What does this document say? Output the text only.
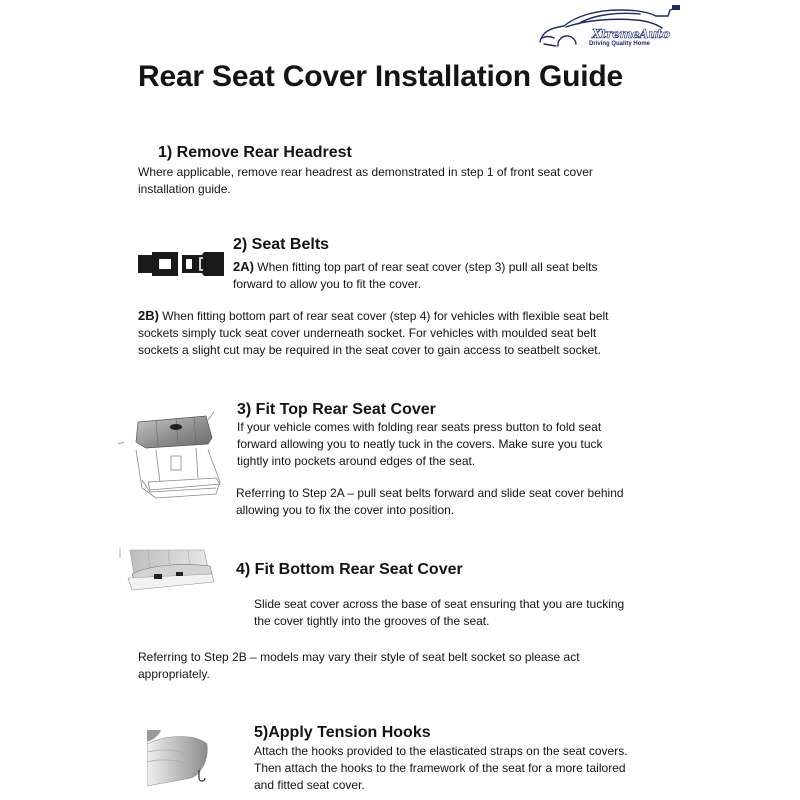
XtremeAuto
Driving Quality Home
Rear Seat Cover Installation Guide
1) Remove Rear Headrest
Where applicable, remove rear headrest as demonstrated in step 1 of front seat cover installation guide.
2) Seat Belts
2A) When fitting top part of rear seat cover (step 3) pull all seat belts forward to allow you to fit the cover.
2B) When fitting bottom part of rear seat cover (step 4) for vehicles with flexible seat belt sockets simply tuck seat cover underneath socket. For vehicles with moulded seat belt sockets a slight cut may be required in the seat cover to gain access to seatbelt socket.
3) Fit Top Rear Seat Cover
If your vehicle comes with folding rear seats press button to fold seat forward allowing you to neatly tuck in the covers. Make sure you tuck tightly into pockets around edges of the seat.
Referring to Step 2A – pull seat belts forward and slide seat cover behind allowing you to fix the cover into position.
4) Fit Bottom Rear Seat Cover
Slide seat cover across the base of seat ensuring that you are tucking the cover tightly into the grooves of the seat.
Referring to Step 2B – models may vary their style of seat belt socket so please act appropriately.
5)Apply Tension Hooks
Attach the hooks provided to the elasticated straps on the seat covers. Then attach the hooks to the framework of the seat for a more tailored and fitted seat cover.
